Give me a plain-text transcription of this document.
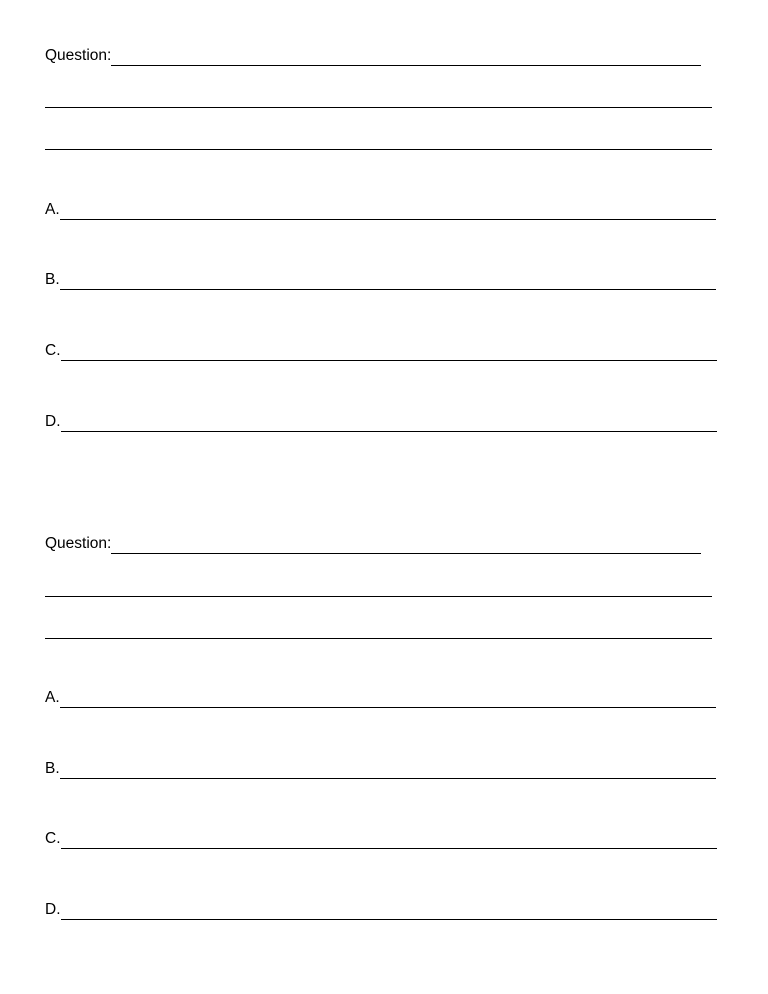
Question:
A.
B.
C.
D.
Question:
A.
B.
C.
D.
